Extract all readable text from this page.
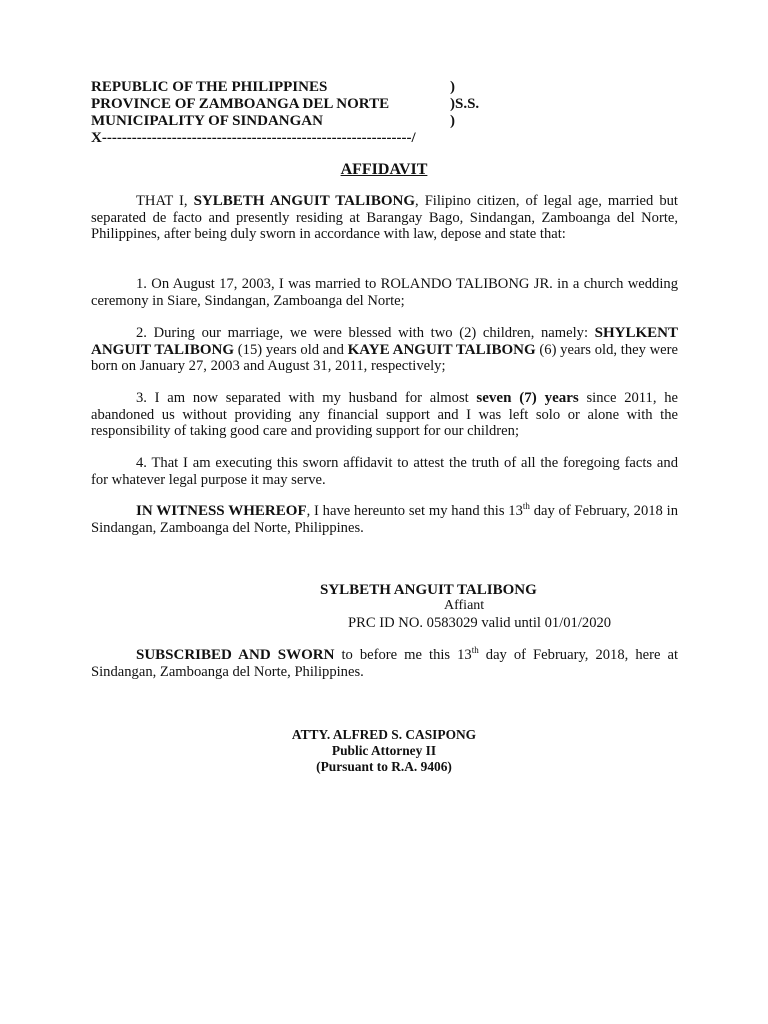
REPUBLIC OF THE PHILIPPINES	)
PROVINCE OF ZAMBOANGA DEL NORTE	)S.S.
MUNICIPALITY OF SINDANGAN	)
X--------------------------------------------------------------/
AFFIDAVIT

THAT I, SYLBETH ANGUIT TALIBONG, Filipino citizen, of legal age, married but separated de facto and presently residing at Barangay Bago, Sindangan, Zamboanga del Norte, Philippines, after being duly sworn in accordance with law, depose and state that:

1. On August 17, 2003, I was married to ROLANDO TALIBONG JR. in a church wedding ceremony in Siare, Sindangan, Zamboanga del Norte;

2. During our marriage, we were blessed with two (2) children, namely: SHYLKENT ANGUIT TALIBONG (15) years old and KAYE ANGUIT TALIBONG (6) years old, they were born on January 27, 2003 and August 31, 2011, respectively;

3. I am now separated with my husband for almost seven (7) years since 2011, he abandoned us without providing any financial support and I was left solo or alone with the responsibility of taking good care and providing support for our children;

4. That I am executing this sworn affidavit to attest the truth of all the foregoing facts and for whatever legal purpose it may serve.

IN WITNESS WHEREOF, I have hereunto set my hand this 13th day of February, 2018 in Sindangan, Zamboanga del Norte, Philippines.

SYLBETH ANGUIT TALIBONG
Affiant
PRC ID NO. 0583029 valid until 01/01/2020

SUBSCRIBED AND SWORN to before me this 13th day of February, 2018, here at Sindangan, Zamboanga del Norte, Philippines.

ATTY. ALFRED S. CASIPONG
Public Attorney II
(Pursuant to R.A. 9406)
